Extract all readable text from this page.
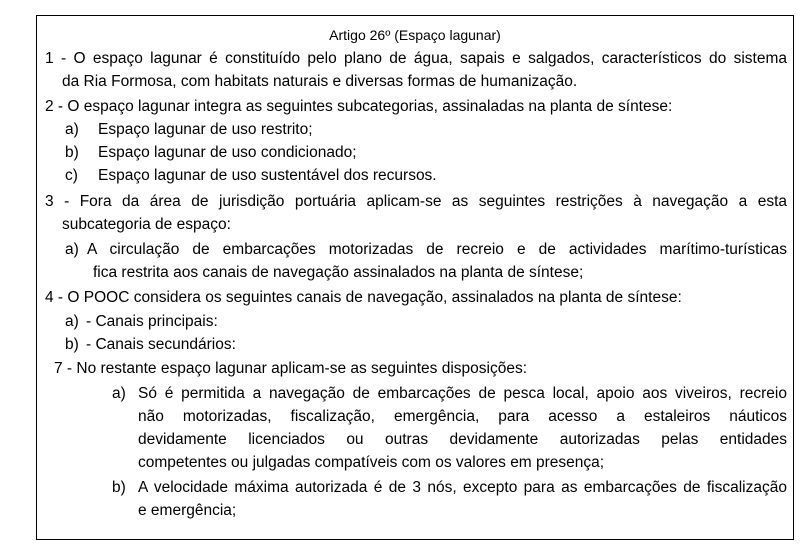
Artigo 26º (Espaço lagunar)
1 - O espaço lagunar é constituído pelo plano de água, sapais e salgados, característicos do sistema
da Ria Formosa, com habitats naturais e diversas formas de humanização.
2 - O espaço lagunar integra as seguintes subcategorias, assinaladas na planta de síntese:
a) Espaço lagunar de uso restrito;
b) Espaço lagunar de uso condicionado;
c) Espaço lagunar de uso sustentável dos recursos.
3 - Fora da área de jurisdição portuária aplicam-se as seguintes restrições à navegação a esta
subcategoria de espaço:
a) A circulação de embarcações motorizadas de recreio e de actividades marítimo-turísticas
fica restrita aos canais de navegação assinalados na planta de síntese;
4 - O POOC considera os seguintes canais de navegação, assinalados na planta de síntese:
a) - Canais principais:
b) - Canais secundários:
7 - No restante espaço lagunar aplicam-se as seguintes disposições:
a) Só é permitida a navegação de embarcações de pesca local, apoio aos viveiros, recreio
não motorizadas, fiscalização, emergência, para acesso a estaleiros náuticos
devidamente licenciados ou outras devidamente autorizadas pelas entidades
competentes ou julgadas compatíveis com os valores em presença;
b) A velocidade máxima autorizada é de 3 nós, excepto para as embarcações de fiscalização
e emergência;
